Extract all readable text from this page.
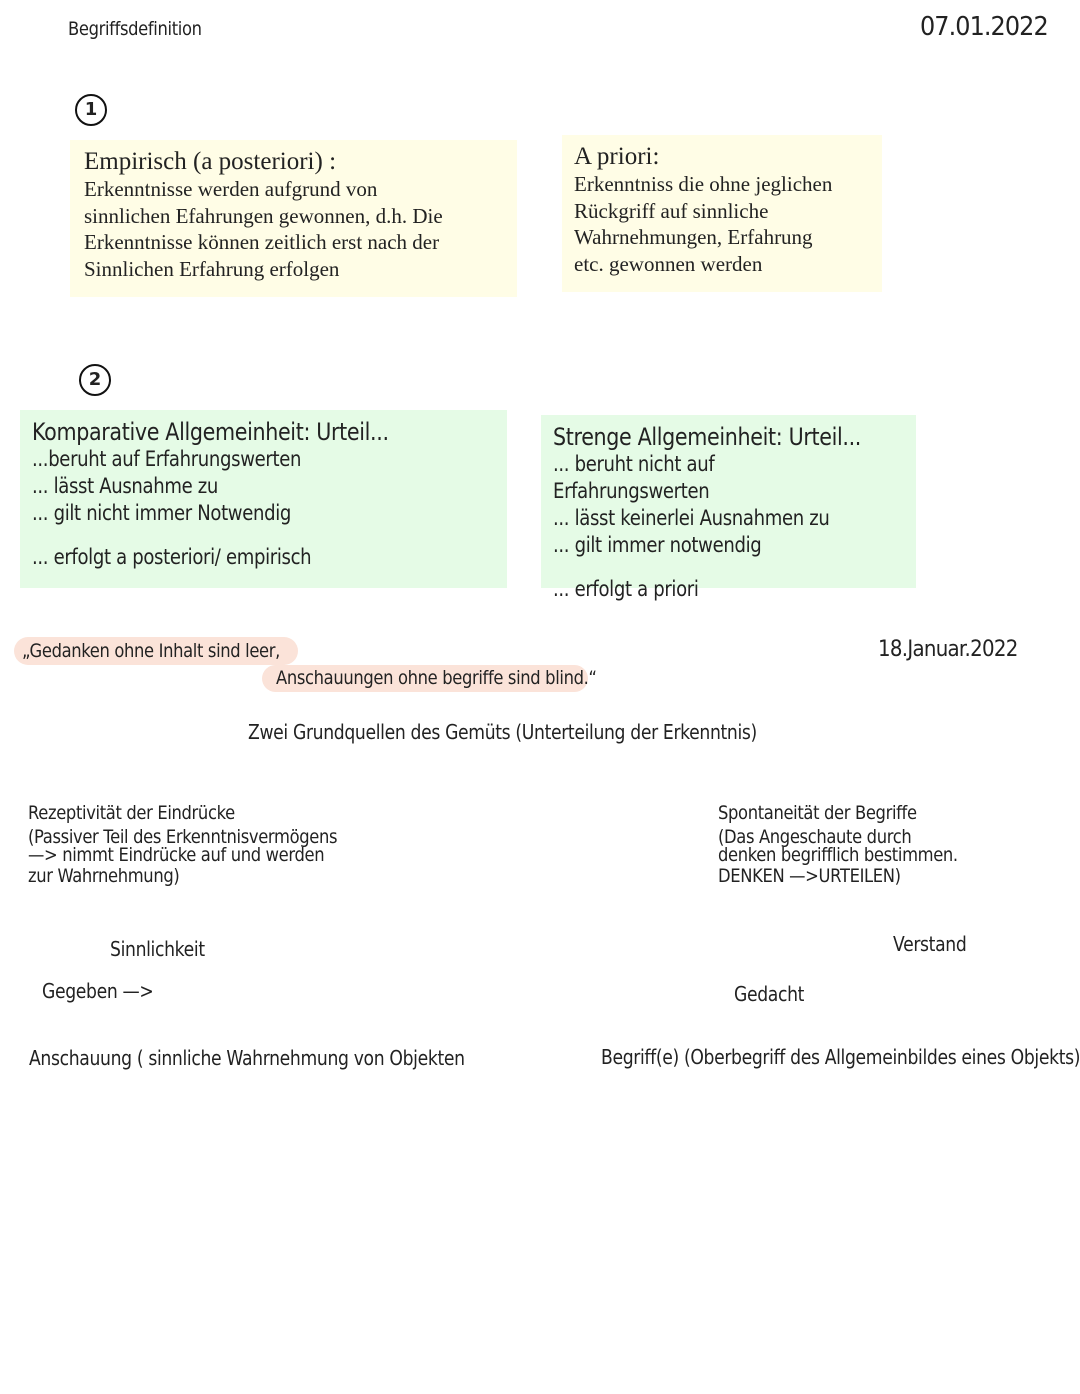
Begriffsdefinition	07.01.2022
1
Empirisch (a posteriori) :
Erkenntnisse werden aufgrund von
sinnlichen Efahrungen gewonnen, d.h. Die
Erkenntnisse können zeitlich erst nach der
Sinnlichen Erfahrung erfolgen
A priori:
Erkenntniss die ohne jeglichen
Rückgriff auf sinnliche
Wahrnehmungen, Erfahrung
etc. gewonnen werden
2
Komparative Allgemeinheit: Urteil...
...beruht auf Erfahrungswerten
... lässt Ausnahme zu
... gilt nicht immer Notwendig
... erfolgt a posteriori/ empirisch
Strenge Allgemeinheit: Urteil...
... beruht nicht auf Erfahrungswerten
... lässt keinerlei Ausnahmen zu
... gilt immer notwendig
... erfolgt a priori
„Gedanken ohne Inhalt sind leer,
Anschauungen ohne begriffe sind blind.“
18.Januar.2022
Zwei Grundquellen des Gemüts (Unterteilung der Erkenntnis)
Rezeptivität der Eindrücke
(Passiver Teil des Erkenntnisvermögens
—> nimmt Eindrücke auf und werden
zur Wahrnehmung)
Spontaneität der Begriffe
(Das Angeschaute durch
denken begrifflich bestimmen.
DENKEN —>URTEILEN)
Sinnlichkeit	Verstand
Gegeben —>	Gedacht
Anschauung ( sinnliche Wahrnehmung von Objekten	Begriff(e) (Oberbegriff des Allgemeinbildes eines Objekts)
